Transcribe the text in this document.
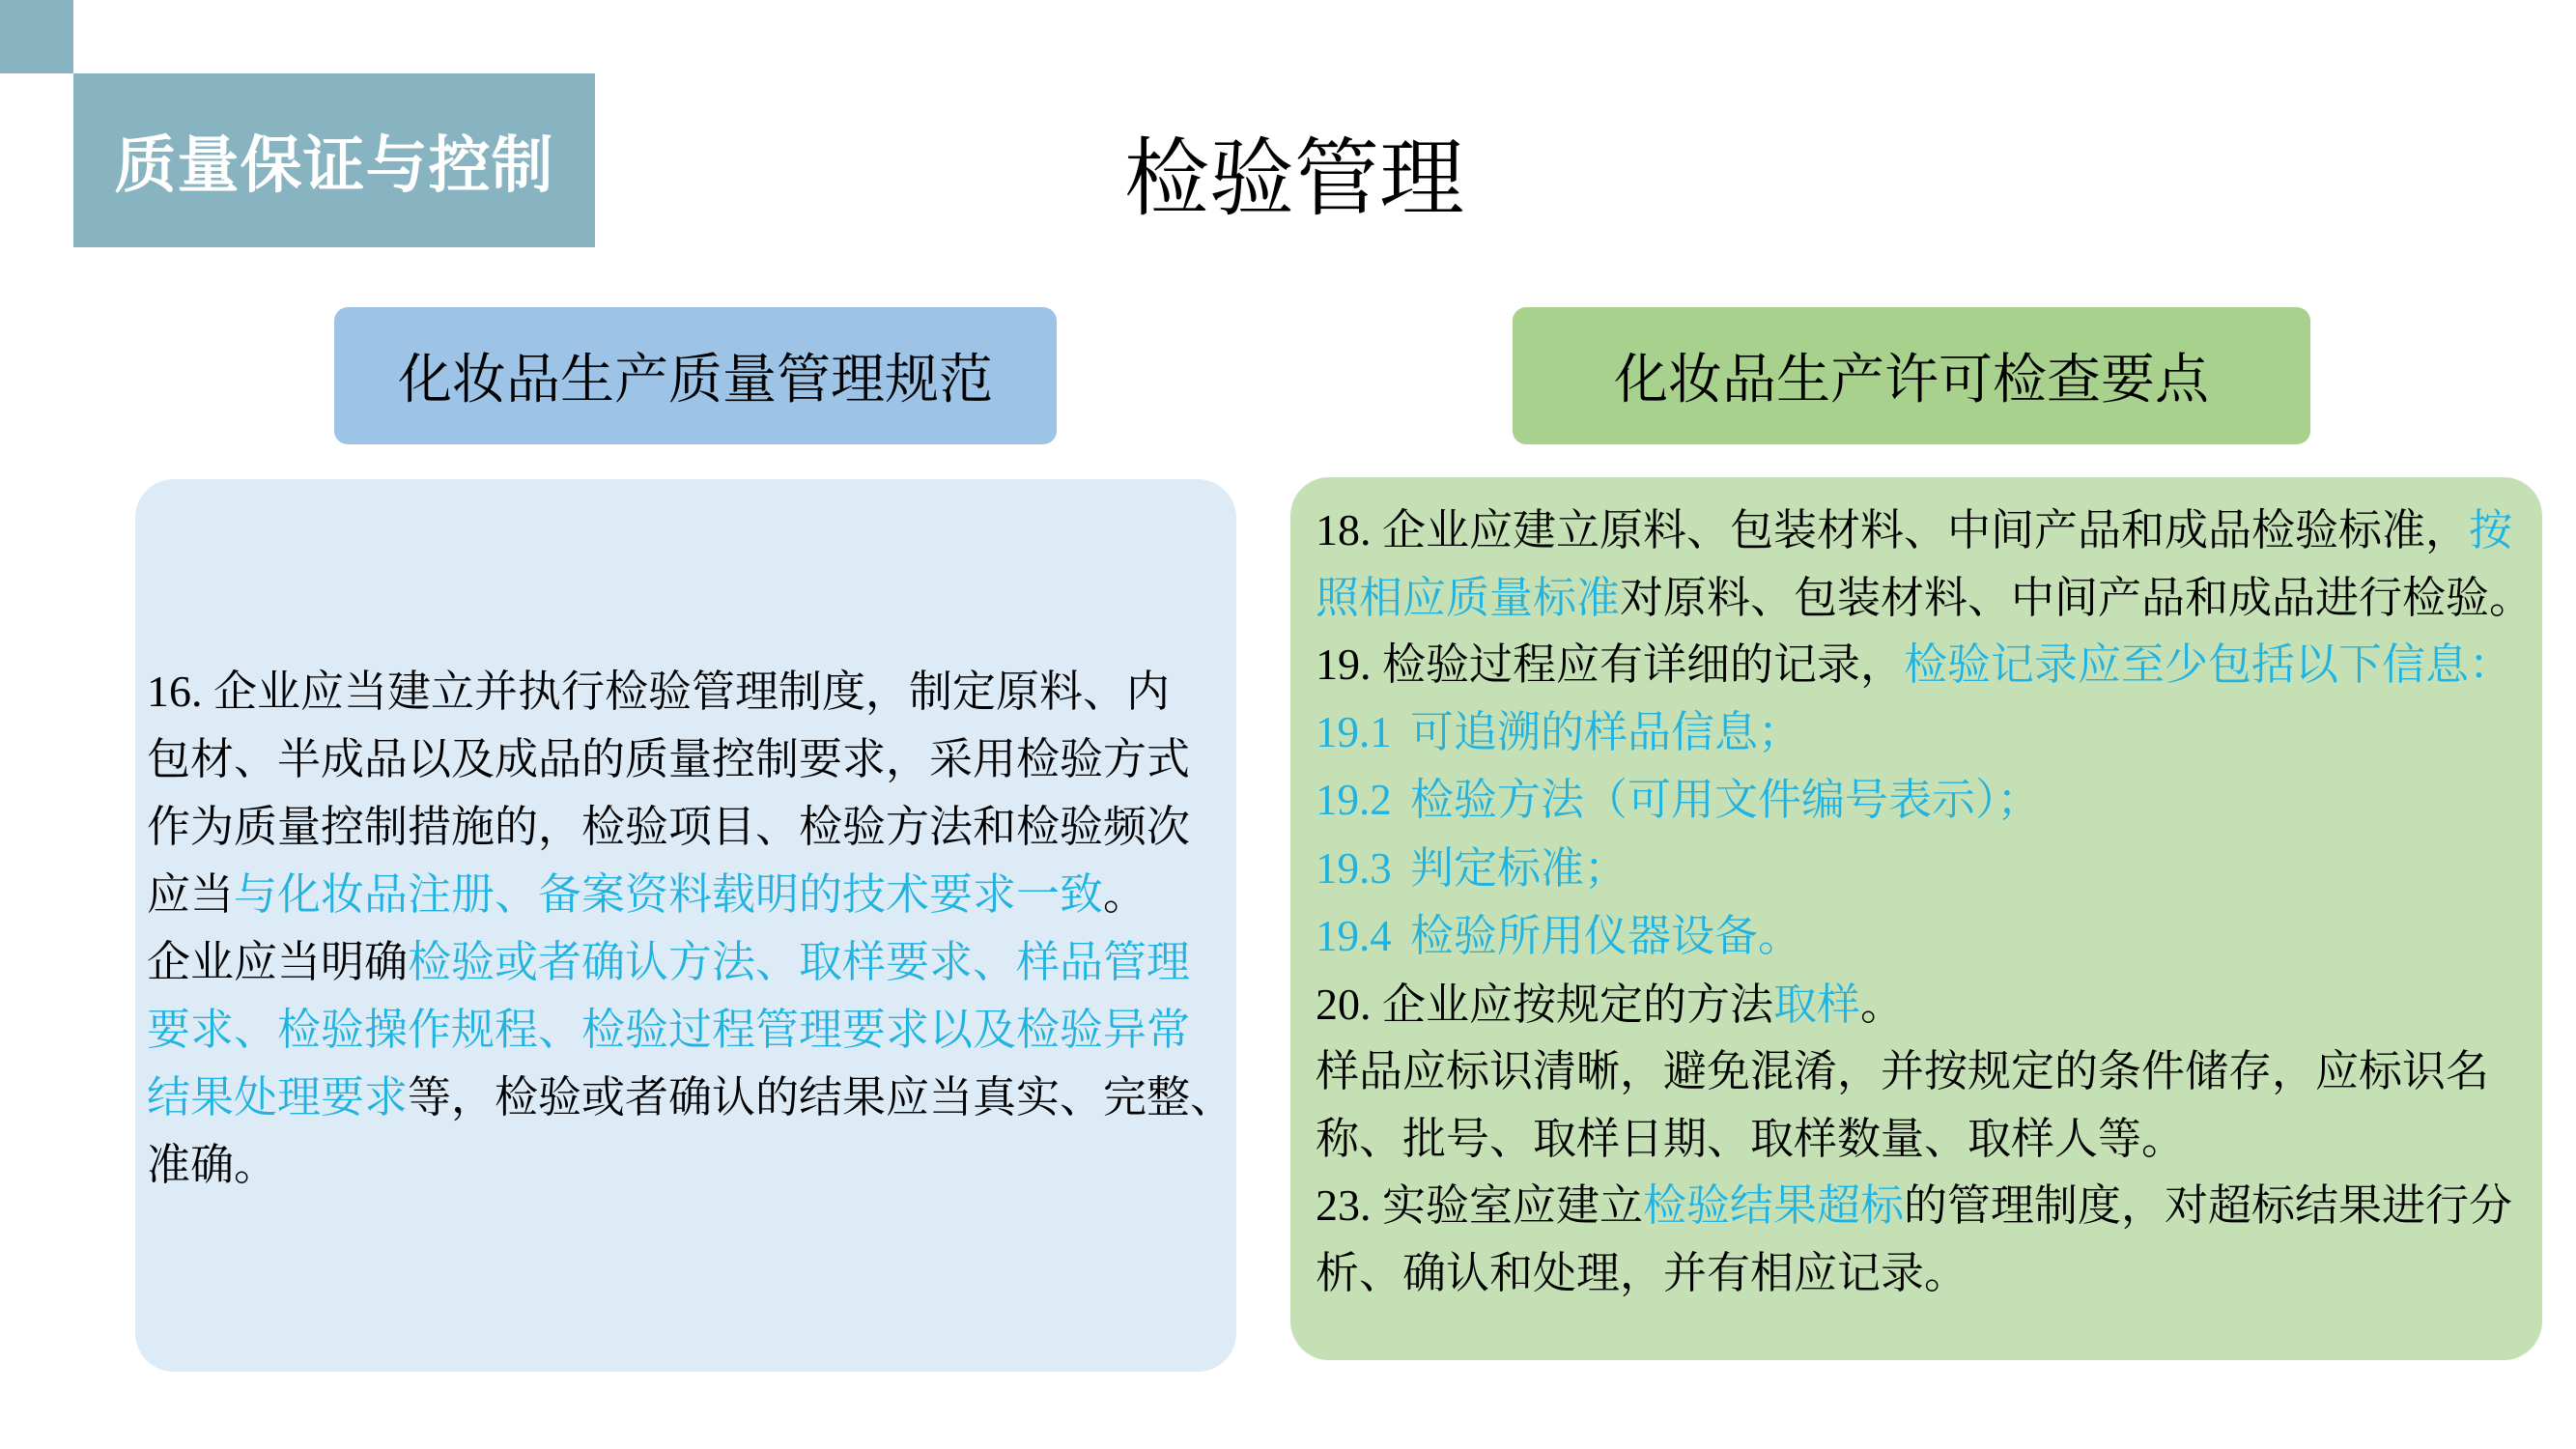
质量保证与控制	检验管理
化妆品生产质量管理规范	化妆品生产许可检查要点
16. 企业应当建立并执行检验管理制度，制定原料、内
包材、半成品以及成品的质量控制要求，采用检验方式
作为质量控制措施的，检验项目、检验方法和检验频次
应当与化妆品注册、备案资料载明的技术要求一致。
企业应当明确检验或者确认方法、取样要求、样品管理
要求、检验操作规程、检验过程管理要求以及检验异常
结果处理要求等，检验或者确认的结果应当真实、完整、
准确。
18. 企业应建立原料、包装材料、中间产品和成品检验标准，按
照相应质量标准对原料、包装材料、中间产品和成品进行检验。
19. 检验过程应有详细的记录，检验记录应至少包括以下信息：
19.1 可追溯的样品信息；
19.2 检验方法（可用文件编号表示）；
19.3 判定标准；
19.4 检验所用仪器设备。
20. 企业应按规定的方法取样。
样品应标识清晰，避免混淆，并按规定的条件储存，应标识名
称、批号、取样日期、取样数量、取样人等。
23. 实验室应建立检验结果超标的管理制度，对超标结果进行分
析、确认和处理，并有相应记录。
